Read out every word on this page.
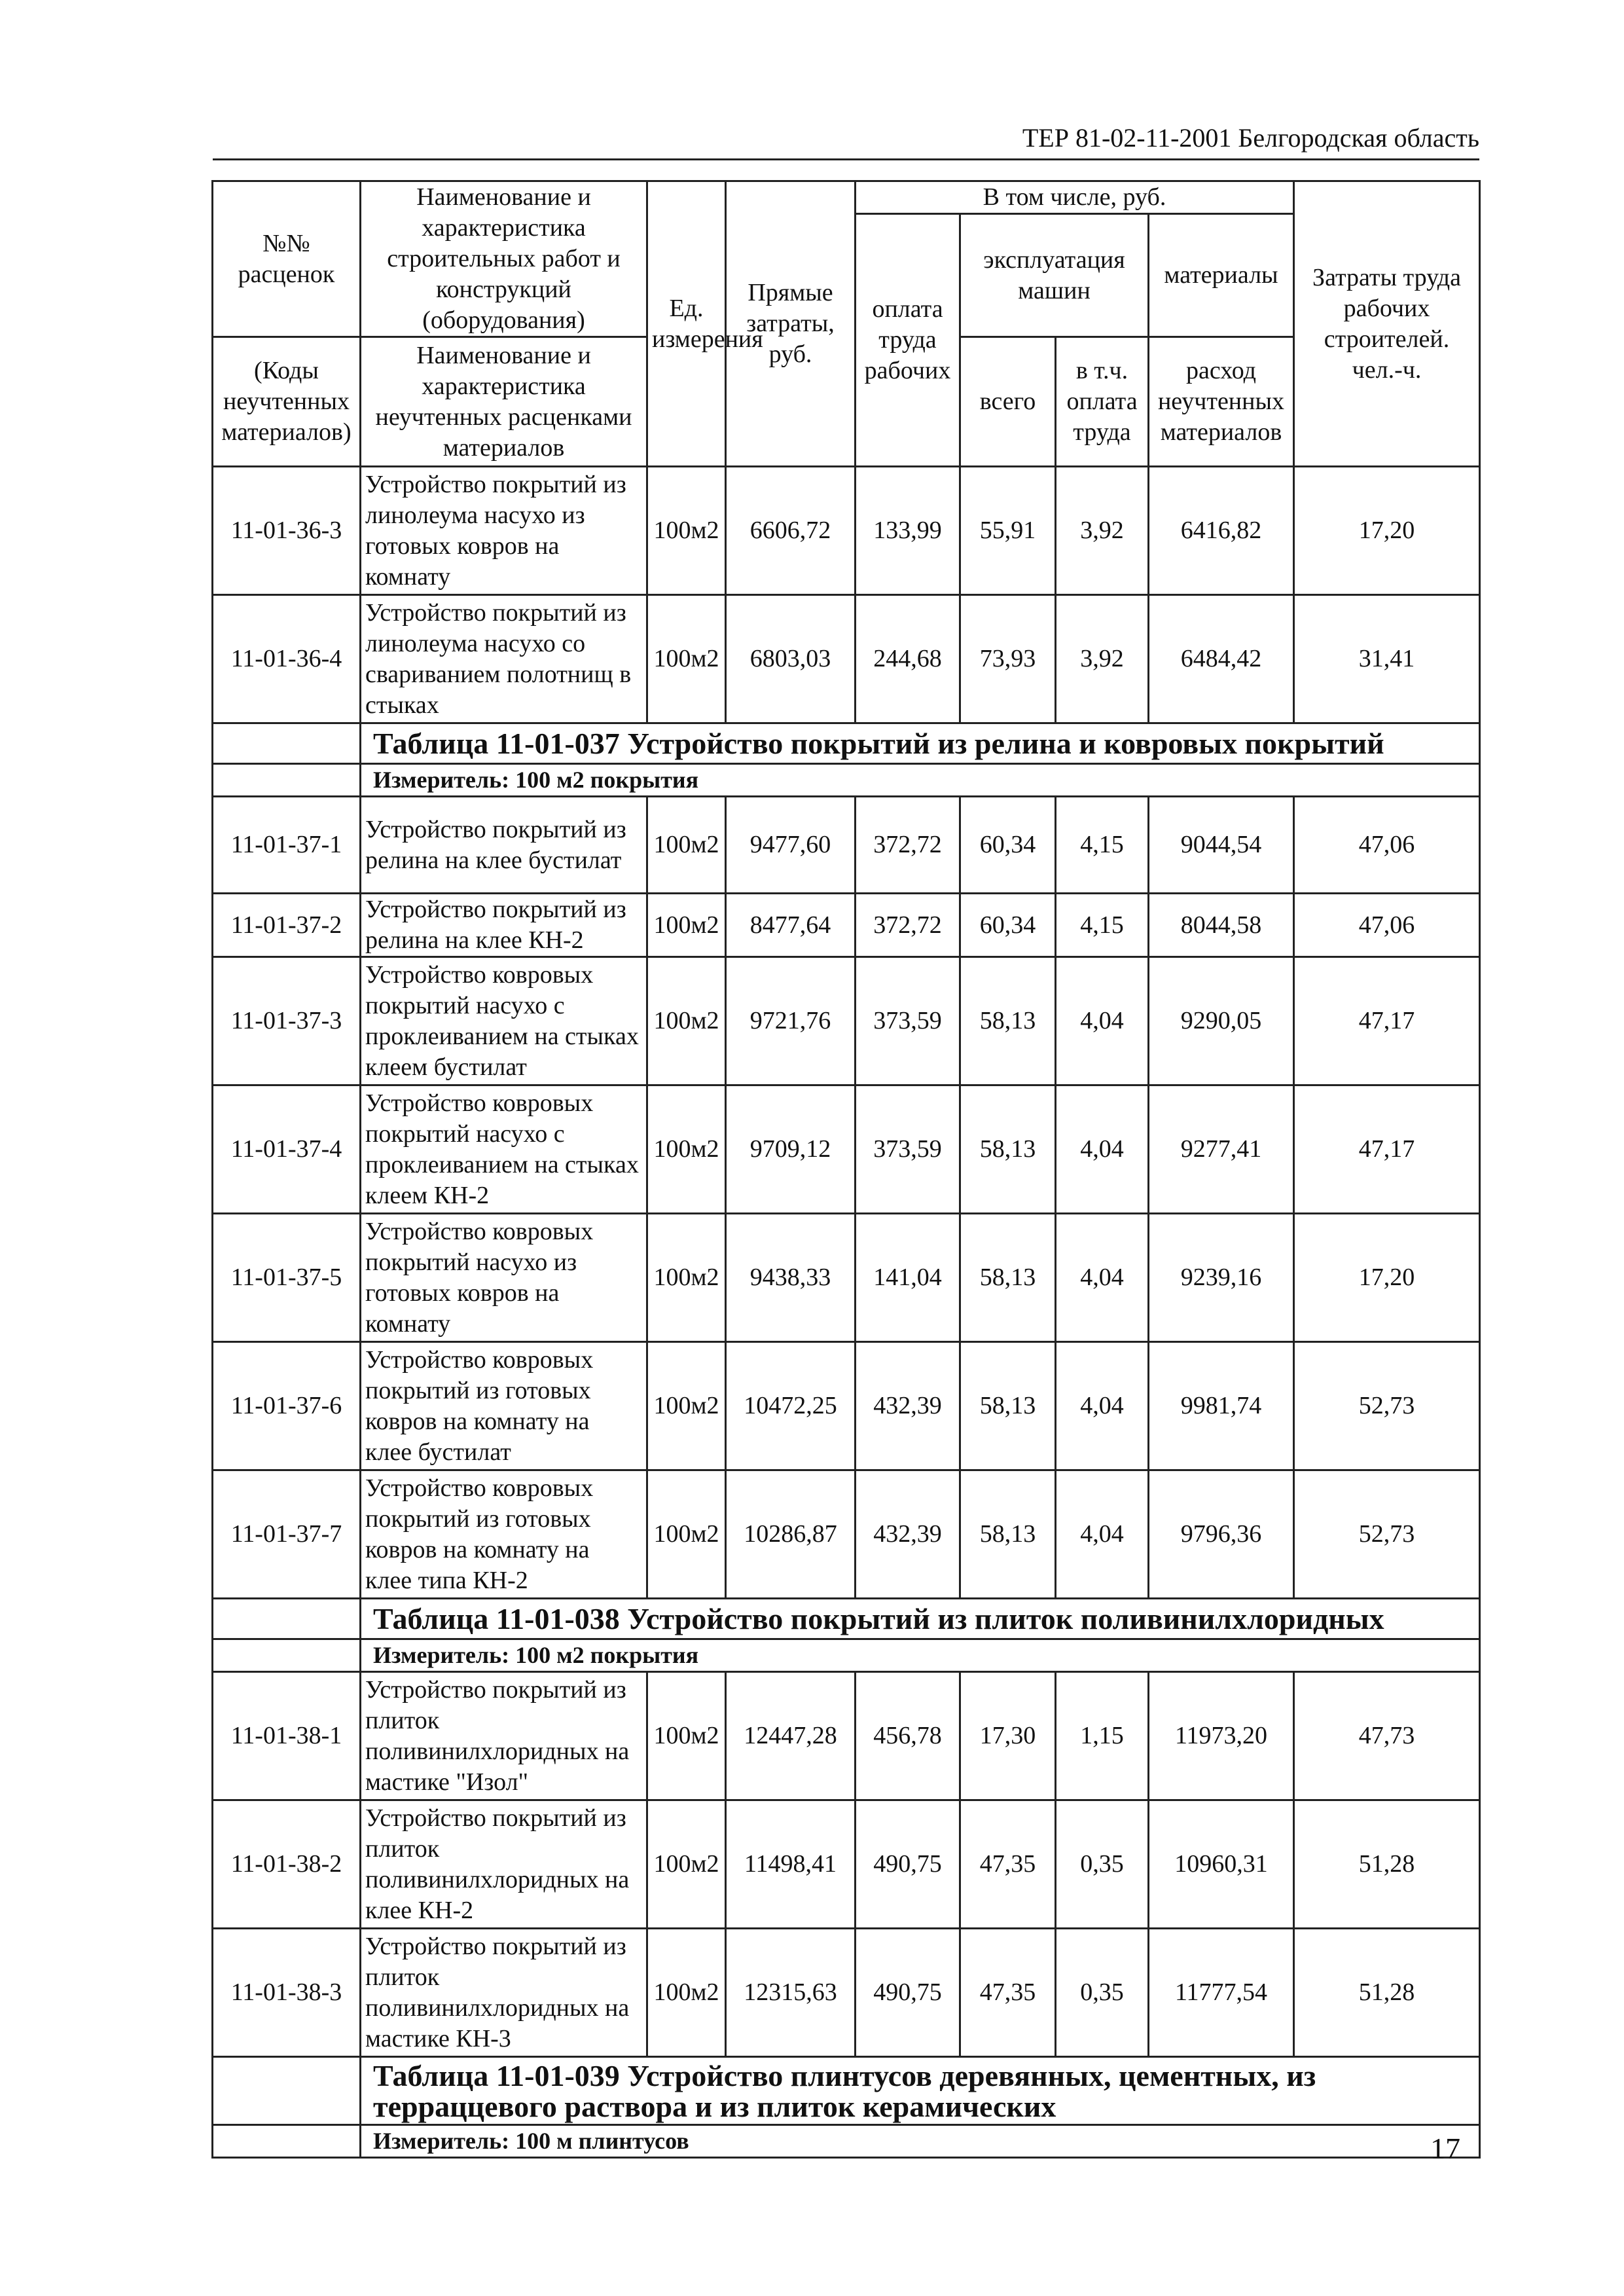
ТЕР 81-02-11-2001 Белгородская область
№№ расценок	Наименование и характеристика строительных работ и конструкций (оборудования)	Ед. измерения	Прямые затраты, руб.	В том числе, руб.				Затраты труда рабочих строителей. чел.-ч.
				оплата труда рабочих	эксплуатация машин		материалы	
(Коды неучтенных материалов)	Наименование и характеристика неучтенных расценками материалов				всего	в т.ч. оплата труда	расход неучтенных материалов	
11-01-36-3	Устройство покрытий из линолеума насухо из готовых ковров на комнату	100м2	6606,72	133,99	55,91	3,92	6416,82	17,20
11-01-36-4	Устройство покрытий из линолеума насухо со свариванием полотнищ в стыках	100м2	6803,03	244,68	73,93	3,92	6484,42	31,41
	Таблица 11-01-037 Устройство покрытий из релина и ковровых покрытий							
	Измеритель: 100 м2 покрытия							
11-01-37-1	Устройство покрытий из релина на клее бустилат	100м2	9477,60	372,72	60,34	4,15	9044,54	47,06
11-01-37-2	Устройство покрытий из релина на клее КН-2	100м2	8477,64	372,72	60,34	4,15	8044,58	47,06
11-01-37-3	Устройство ковровых покрытий насухо с проклеиванием на стыках клеем бустилат	100м2	9721,76	373,59	58,13	4,04	9290,05	47,17
11-01-37-4	Устройство ковровых покрытий насухо с проклеиванием на стыках клеем КН-2	100м2	9709,12	373,59	58,13	4,04	9277,41	47,17
11-01-37-5	Устройство ковровых покрытий насухо из готовых ковров на комнату	100м2	9438,33	141,04	58,13	4,04	9239,16	17,20
11-01-37-6	Устройство ковровых покрытий из готовых ковров на комнату на клее бустилат	100м2	10472,25	432,39	58,13	4,04	9981,74	52,73
11-01-37-7	Устройство ковровых покрытий из готовых ковров на комнату на клее типа КН-2	100м2	10286,87	432,39	58,13	4,04	9796,36	52,73
	Таблица 11-01-038 Устройство покрытий из плиток поливинилхлоридных							
	Измеритель: 100 м2 покрытия							
11-01-38-1	Устройство покрытий из плиток поливинилхлоридных на мастике "Изол"	100м2	12447,28	456,78	17,30	1,15	11973,20	47,73
11-01-38-2	Устройство покрытий из плиток поливинилхлоридных на клее КН-2	100м2	11498,41	490,75	47,35	0,35	10960,31	51,28
11-01-38-3	Устройство покрытий из плиток поливинилхлоридных на мастике КН-3	100м2	12315,63	490,75	47,35	0,35	11777,54	51,28
	Таблица 11-01-039 Устройство плинтусов деревянных, цементных, из терраццевого раствора и из плиток керамических							
	Измеритель: 100 м плинтусов								17
